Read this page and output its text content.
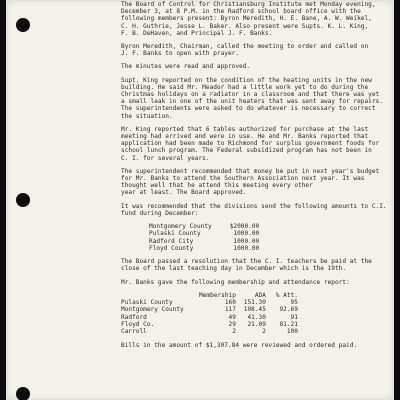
The Board of Control for Christiansburg Institute met Monday evening,
December 3, at 8 P.M. in the Radford school board office with the
following members present: Byron Meredith, H. E. Bane, A. W. Weikel,
C. H. Guthrie, Jesse L. Baker. Also present were Supts. K. L. King,
F. B. DeHaven, and Principal J. F. Banks.

Byron Meredith, Chairman, called the meeting to order and called on
J. F. Banks to open with prayer.

The minutes were read and approved.

Supt. King reported on the condition of the heating units in the new
building. He said Mr. Meador had a little work yet to do during the
Christmas holidays on a radiator in a classroom and that there was yet
a small leak in one of the unit heaters that was sent away for repairs.
The superintendents were asked to do whatever is necessary to correct
the situation.

Mr. King reported that 6 tables authorized for purchase at the last
meeting had arrived and were in use. He and Mr. Banks reported that
application had been made to Richmond for surplus government foods for
school lunch program. The Federal subsidized program has not been in
C. I. for several years.

The superintendent recommended that money be put in next year's budget
for Mr. Banks to attend the Southern Association next year. It was
thought well that he attend this meeting every other
year at least. The Board approved.

It was recommended that the divisions send the following amounts to C.I.
fund during December:

Montgomery County	$2000.00
Pulaski County	1000.00
Radford City	1000.00
Floyd County	1000.00

The Board passed a resolution that the C. I. teachers be paid at the
close of the last teaching day in December which is the 19th.

Mr. Banks gave the following membership and attendance report:

	Membership	ADA	% Att.
Pulaski County	160	151.30	95
Montgomery County	117	108.45	92.69
Radford	49	41.30	91
Floyd Co.	29	21.09	81.21
Carroll	2	2	100

Bills in the amount of $1,307.84 were reviewed and ordered paid.
